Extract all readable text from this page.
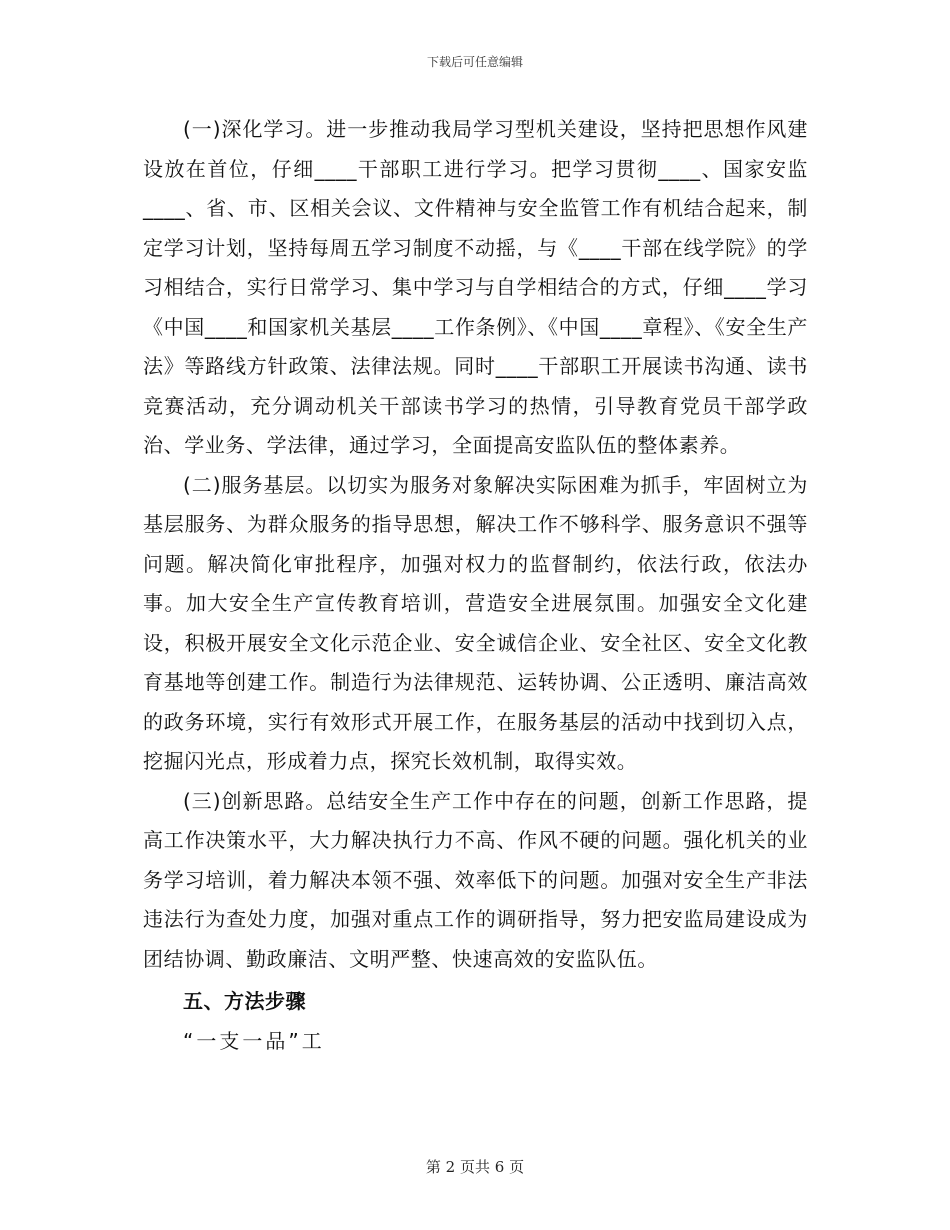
下载后可任意编辑

(一)深化学习。进一步推动我局学习型机关建设，坚持把思想作风建设放在首位，仔细____干部职工进行学习。把学习贯彻____、国家安监____、省、市、区相关会议、文件精神与安全监管工作有机结合起来，制定学习计划，坚持每周五学习制度不动摇，与《____干部在线学院》的学习相结合，实行日常学习、集中学习与自学相结合的方式，仔细____学习《中国____和国家机关基层____工作条例》、《中国____章程》、《安全生产法》等路线方针政策、法律法规。同时____干部职工开展读书沟通、读书竞赛活动，充分调动机关干部读书学习的热情，引导教育党员干部学政治、学业务、学法律，通过学习，全面提高安监队伍的整体素养。

(二)服务基层。以切实为服务对象解决实际困难为抓手，牢固树立为基层服务、为群众服务的指导思想，解决工作不够科学、服务意识不强等问题。解决简化审批程序，加强对权力的监督制约，依法行政，依法办事。加大安全生产宣传教育培训，营造安全进展氛围。加强安全文化建设，积极开展安全文化示范企业、安全诚信企业、安全社区、安全文化教育基地等创建工作。制造行为法律规范、运转协调、公正透明、廉洁高效的政务环境，实行有效形式开展工作，在服务基层的活动中找到切入点，挖掘闪光点，形成着力点，探究长效机制，取得实效。

(三)创新思路。总结安全生产工作中存在的问题，创新工作思路，提高工作决策水平，大力解决执行力不高、作风不硬的问题。强化机关的业务学习培训，着力解决本领不强、效率低下的问题。加强对安全生产非法违法行为查处力度，加强对重点工作的调研指导，努力把安监局建设成为团结协调、勤政廉洁、文明严整、快速高效的安监队伍。

五、方法步骤

“一支一品”工

第 2 页共 6 页
